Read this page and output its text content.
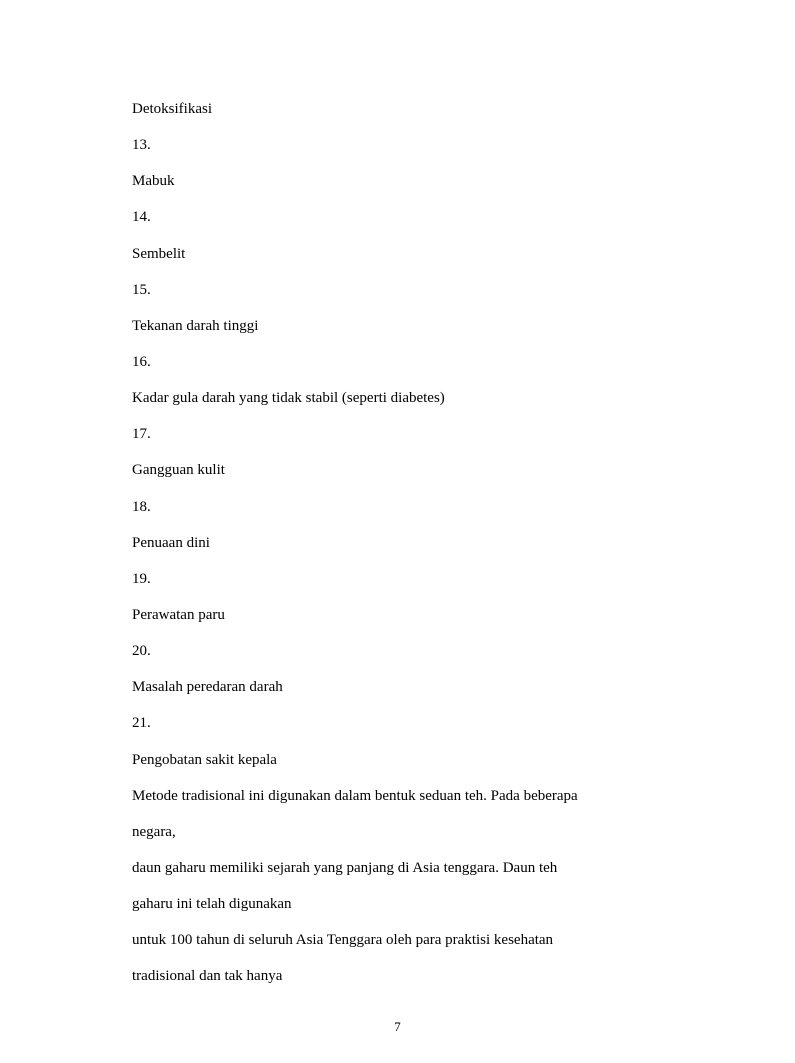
Detoksifikasi
13.
Mabuk
14.
Sembelit
15.
Tekanan darah tinggi
16.
Kadar gula darah yang tidak stabil (seperti diabetes)
17.
Gangguan kulit
18.
Penuaan dini
19.
Perawatan paru
20.
Masalah peredaran darah
21.
Pengobatan sakit kepala
Metode tradisional ini digunakan dalam bentuk seduan teh. Pada beberapa
negara,
daun gaharu memiliki sejarah yang panjang di Asia tenggara. Daun teh
gaharu ini telah digunakan
untuk 100 tahun di seluruh Asia Tenggara oleh para praktisi kesehatan
tradisional dan tak hanya
7
